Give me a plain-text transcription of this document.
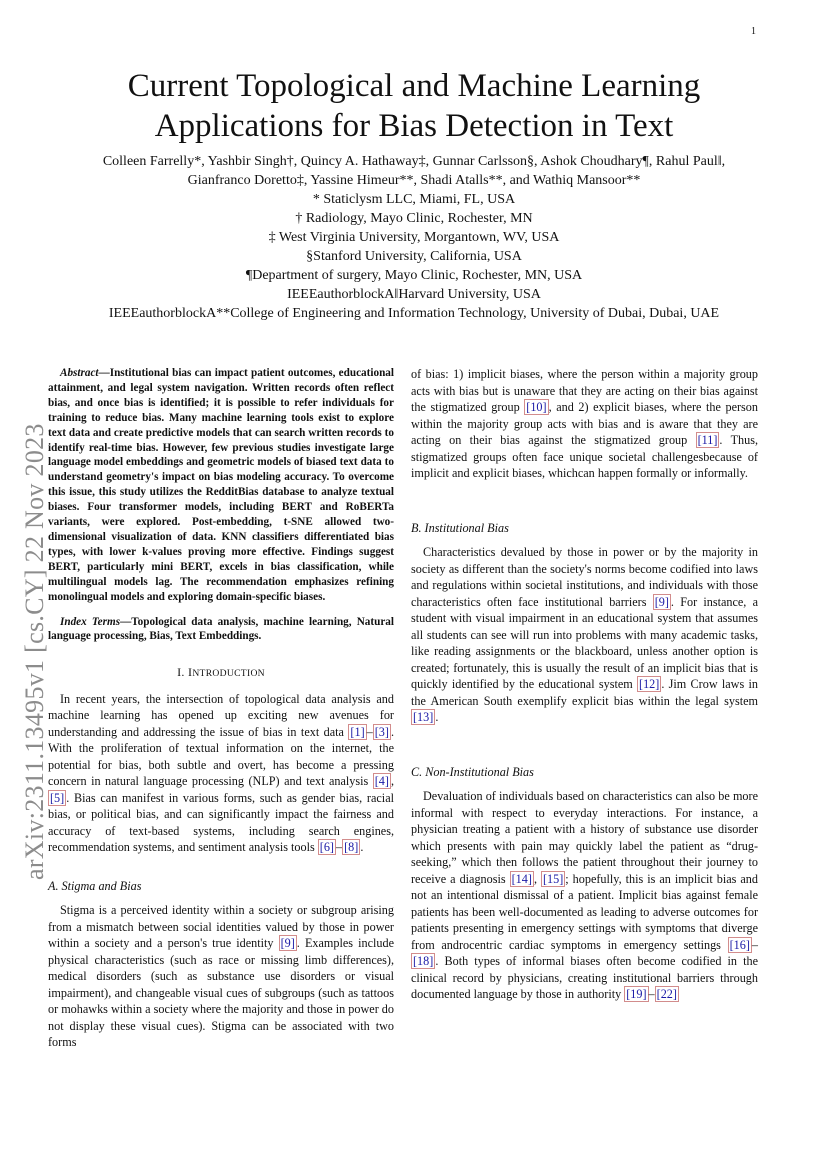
1
Current Topological and Machine Learning
Applications for Bias Detection in Text
Colleen Farrelly*, Yashbir Singh†, Quincy A. Hathaway‡, Gunnar Carlsson§, Ashok Choudhary¶, Rahul Paul‖,
Gianfranco Doretto‡, Yassine Himeur**, Shadi Atalls**, and Wathiq Mansoor**
* Staticlysm LLC, Miami, FL, USA
† Radiology, Mayo Clinic, Rochester, MN
‡ West Virginia University, Morgantown, WV, USA
§Stanford University, California, USA
¶Department of surgery, Mayo Clinic, Rochester, MN, USA
IEEEauthorblockA‖Harvard University, USA
IEEEauthorblockA**College of Engineering and Information Technology, University of Dubai, Dubai, UAE
arXiv:2311.13495v1 [cs.CY] 22 Nov 2023

Abstract—Institutional bias can impact patient outcomes, educational attainment, and legal system navigation. Written records often reflect bias, and once bias is identified; it is possible to refer individuals for training to reduce bias. Many machine learning tools exist to explore text data and create predictive models that can search written records to identify real-time bias. However, few previous studies investigate large language model embeddings and geometric models of biased text data to understand geometry's impact on bias modeling accuracy. To overcome this issue, this study utilizes the RedditBias database to analyze textual biases. Four transformer models, including BERT and RoBERTa variants, were explored. Post-embedding, t-SNE allowed two-dimensional visualization of data. KNN classifiers differentiated bias types, with lower k-values proving more effective. Findings suggest BERT, particularly mini BERT, excels in bias classification, while multilingual models lag. The recommendation emphasizes refining monolingual models and exploring domain-specific biases.

Index Terms—Topological data analysis, machine learning, Natural language processing, Bias, Text Embeddings.

I. INTRODUCTION

In recent years, the intersection of topological data analysis and machine learning has opened up exciting new avenues for understanding and addressing the issue of bias in text data [1] – [3] . With the proliferation of textual information on the internet, the potential for bias, both subtle and overt, has become a pressing concern in natural language processing (NLP) and text analysis [4] , [5] . Bias can manifest in various forms, such as gender bias, racial bias, or political bias, and can significantly impact the fairness and accuracy of text-based systems, including search engines, recommendation systems, and sentiment analysis tools [6] – [8] .

A. Stigma and Bias

Stigma is a perceived identity within a society or subgroup arising from a mismatch between social identities valued by those in power within a society and a person's true identity [9] . Examples include physical characteristics (such as race or missing limb differences), medical disorders (such as substance use disorders or visual impairment), and changeable visual cues of subgroups (such as tattoos or mohawks within a society where the majority and those in power do not display these visual cues). Stigma can be associated with two forms

of bias: 1) implicit biases, where the person within a majority group acts with bias but is unaware that they are acting on their bias against the stigmatized group [10] , and 2) explicit biases, where the person within the majority group acts with bias and is aware that they are acting on their bias against the stigmatized group [11] . Thus, stigmatized groups often face unique societal challengesbecause of implicit and explicit biases, whichcan happen formally or informally.

B. Institutional Bias

Characteristics devalued by those in power or by the majority in society as different than the society's norms become codified into laws and regulations within societal institutions, and individuals with those characteristics often face institutional barriers [9] . For instance, a student with visual impairment in an educational system that assumes all students can see will run into problems with many academic tasks, like reading assignments or the blackboard, unless another option is created; fortunately, this is usually the result of an implicit bias that is quickly identified by the educational system [12] . Jim Crow laws in the American South exemplify explicit bias within the legal system [13] .

C. Non-Institutional Bias

Devaluation of individuals based on characteristics can also be more informal with respect to everyday interactions. For instance, a physician treating a patient with a history of substance use disorder which presents with pain may quickly label the patient as “drug-seeking,” which then follows the patient throughout their journey to receive a diagnosis [14] , [15] ; hopefully, this is an implicit bias and not an intentional dismissal of a patient. Implicit bias against female patients has been well-documented as leading to adverse outcomes for patients presenting in emergency settings with symptoms that diverge from androcentric cardiac symptoms in emergency settings [16] –[18] . Both types of informal biases often become codified in the clinical record by physicians, creating institutional barriers through documented language by those in authority [19] – [22]
